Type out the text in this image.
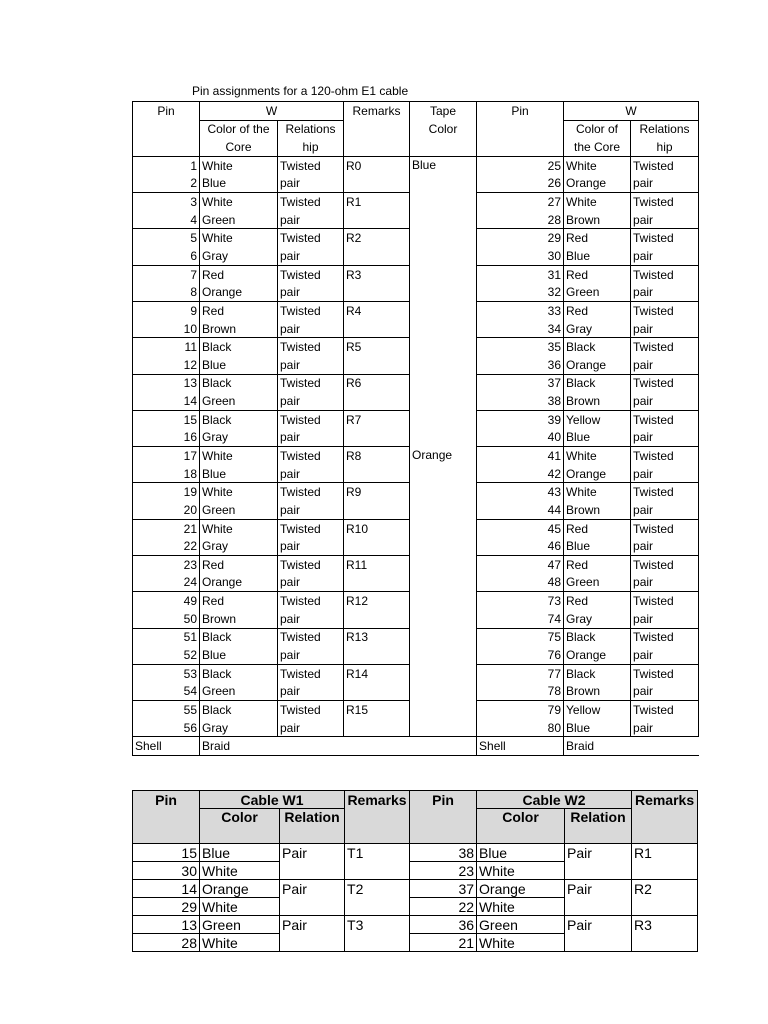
Pin assignments for a 120-ohm E1 cable
Pin	W		Remarks	Tape	Pin	W	
	Color of the	Relations		Color		Color of	Relations
	Core	hip				the Core	hip
1	White	Twisted	R0	Blue	25	White	Twisted
2	Blue	pair			26	Orange	pair
3	White	Twisted	R1		27	White	Twisted
4	Green	pair			28	Brown	pair
5	White	Twisted	R2		29	Red	Twisted
6	Gray	pair			30	Blue	pair
7	Red	Twisted	R3		31	Red	Twisted
8	Orange	pair			32	Green	pair
9	Red	Twisted	R4		33	Red	Twisted
10	Brown	pair			34	Gray	pair
11	Black	Twisted	R5		35	Black	Twisted
12	Blue	pair			36	Orange	pair
13	Black	Twisted	R6		37	Black	Twisted
14	Green	pair			38	Brown	pair
15	Black	Twisted	R7		39	Yellow	Twisted
16	Gray	pair			40	Blue	pair
17	White	Twisted	R8	Orange	41	White	Twisted
18	Blue	pair			42	Orange	pair
19	White	Twisted	R9		43	White	Twisted
20	Green	pair			44	Brown	pair
21	White	Twisted	R10		45	Red	Twisted
22	Gray	pair			46	Blue	pair
23	Red	Twisted	R11		47	Red	Twisted
24	Orange	pair			48	Green	pair
49	Red	Twisted	R12		73	Red	Twisted
50	Brown	pair			74	Gray	pair
51	Black	Twisted	R13		75	Black	Twisted
52	Blue	pair			76	Orange	pair
53	Black	Twisted	R14		77	Black	Twisted
54	Green	pair			78	Brown	pair
55	Black	Twisted	R15		79	Yellow	Twisted
56	Gray	pair			80	Blue	pair
Shell	Braid				Shell	Braid	
Pin	Cable W1		Remarks	Pin	Cable W2		Remarks
	Color	Relation			Color	Relation	
15	Blue	Pair	T1	38	Blue	Pair	R1
30	White			23	White		
14	Orange	Pair	T2	37	Orange	Pair	R2
29	White			22	White		
13	Green	Pair	T3	36	Green	Pair	R3
28	White			21	White		
